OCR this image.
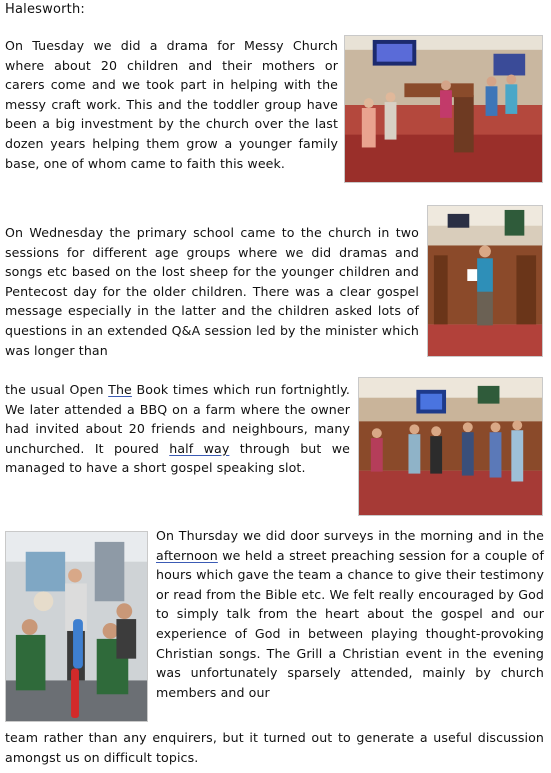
Halesworth:

On Tuesday we did a drama for Messy Church where about 20 children and their mothers or carers come and we took part in helping with the messy craft work. This and the toddler group have been a big investment by the church over the last dozen years helping them grow a younger family base, one of whom came to faith this week.

On Wednesday the primary school came to the church in two sessions for different age groups where we did dramas and songs etc based on the lost sheep for the younger children and Pentecost day for the older children. There was a clear gospel message especially in the latter and the children asked lots of questions in an extended Q&A session led by the minister which was longer than

the usual Open The Book times which run fortnightly. We later attended a BBQ on a farm where the owner had invited about 20 friends and neighbours, many unchurched. It poured half way through but we managed to have a short gospel speaking slot.

On Thursday we did door surveys in the morning and in the afternoon we held a street preaching session for a couple of hours which gave the team a chance to give their testimony or read from the Bible etc. We felt really encouraged by God to simply talk from the heart about the gospel and our experience of God in between playing thought-provoking Christian songs. The Grill a Christian event in the evening was unfortunately sparsely attended, mainly by church members and our

team rather than any enquirers, but it turned out to generate a useful discussion amongst us on difficult topics.
